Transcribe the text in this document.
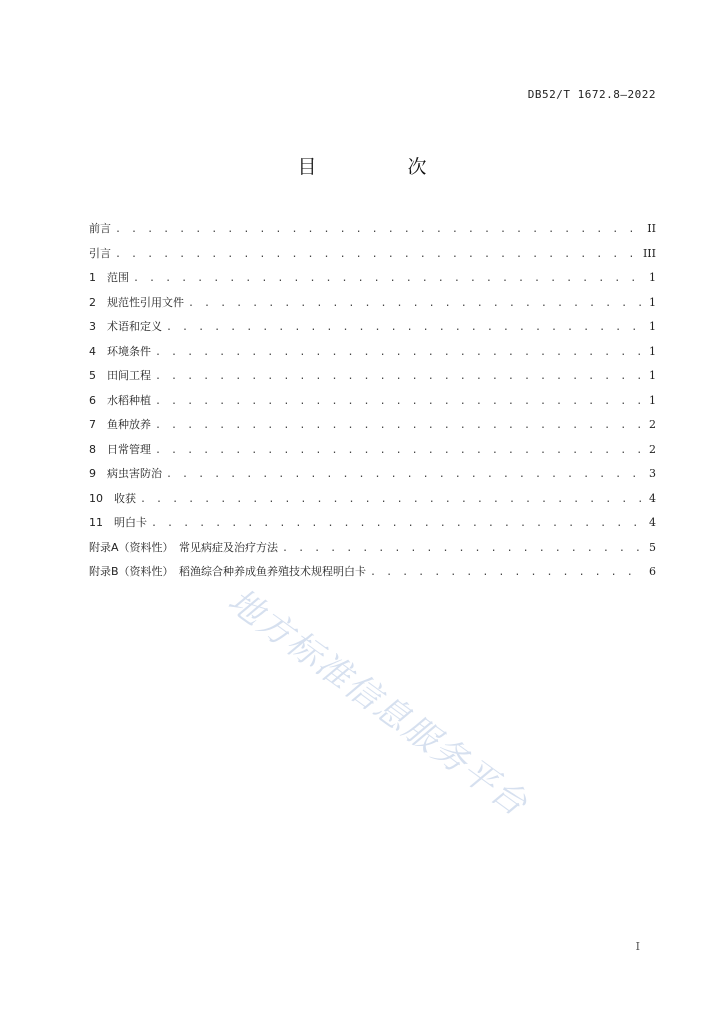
DB52/T 1672.8—2022
目　次
前言 . . .	II
引言 . . .	III
1　范围 . . .	1
2　规范性引用文件 . . .	1
3　术语和定义 . . .	1
4　环境条件 . . .	1
5　田间工程 . . .	1
6　水稻种植 . . .	1
7　鱼种放养 . . .	2
8　日常管理 . . .	2
9　病虫害防治 . . .	3
10　收获 . . .	4
11　明白卡 . . .	4
附录A（资料性）　常见病症及治疗方法 . . .	5
附录B（资料性）　稻渔综合种养成鱼养殖技术规程明白卡 . . .	6
地方标准信息服务平台
I
